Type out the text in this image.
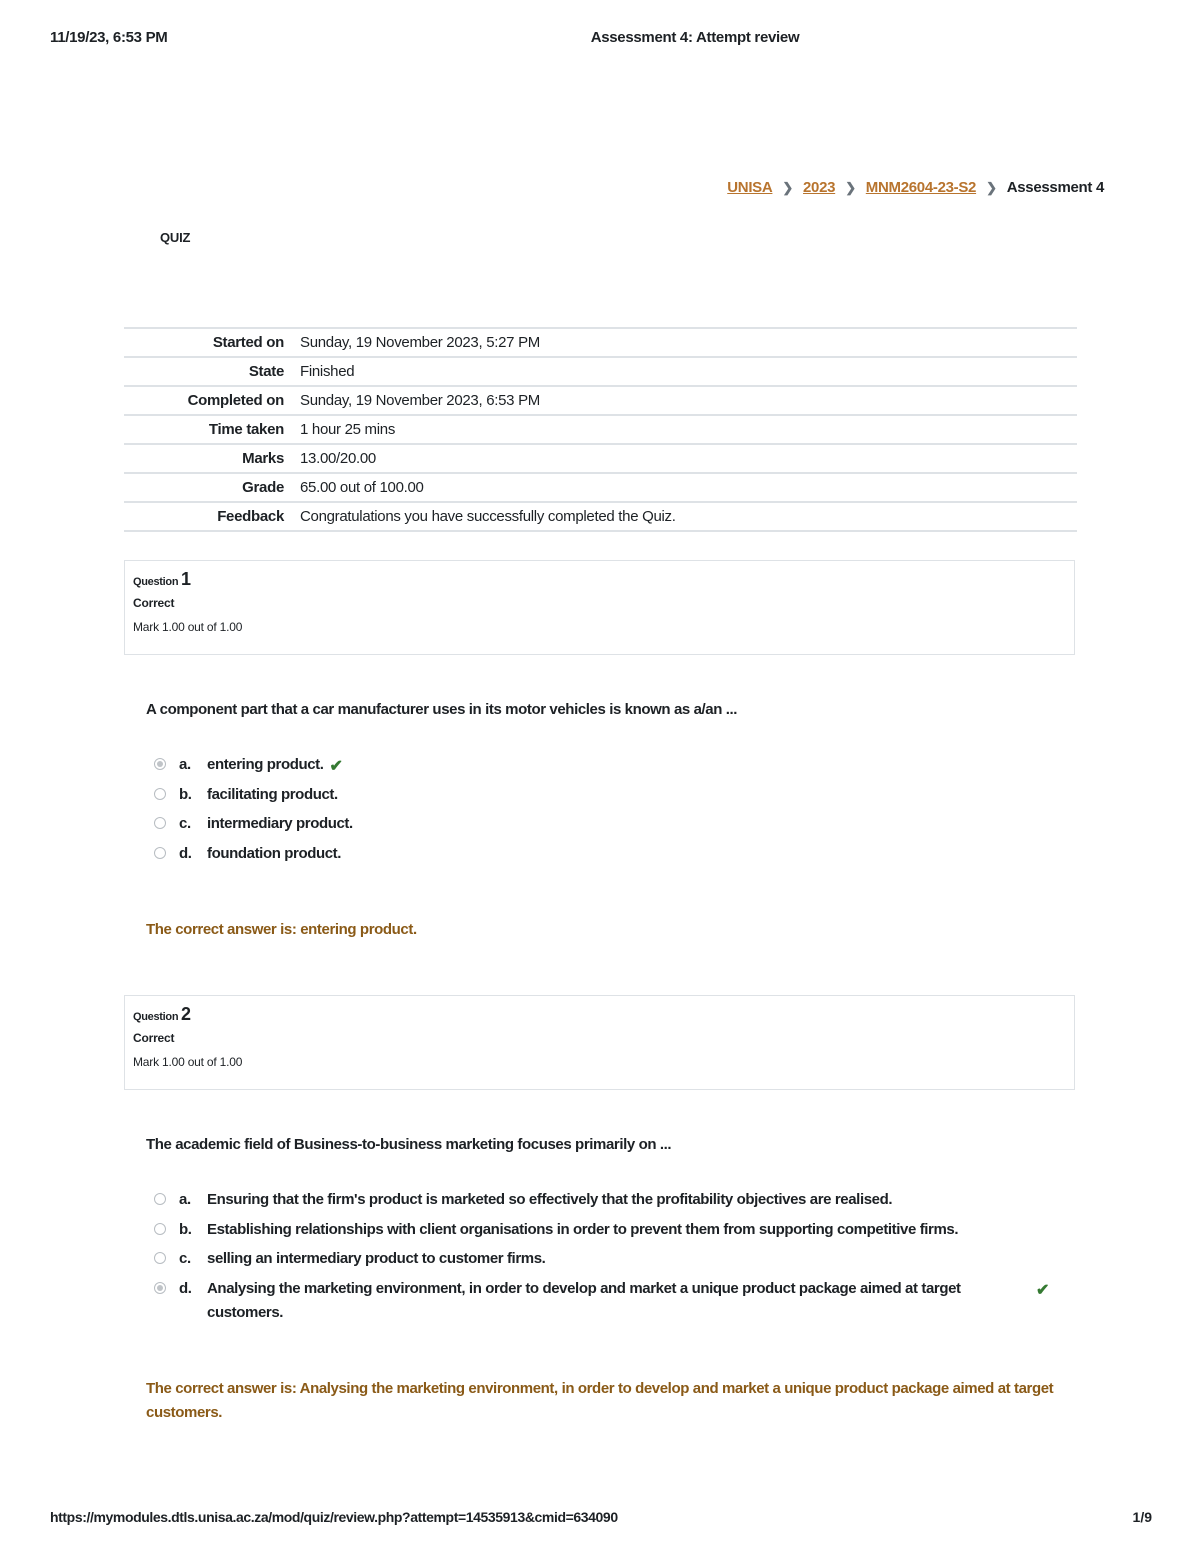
11/19/23, 6:53 PM	Assessment 4: Attempt review
UNISA ❯ 2023 ❯ MNM2604-23-S2 ❯ Assessment 4
QUIZ
Started on	Sunday, 19 November 2023, 5:27 PM
State	Finished
Completed on	Sunday, 19 November 2023, 6:53 PM
Time taken	1 hour 25 mins
Marks	13.00/20.00
Grade	65.00 out of 100.00
Feedback	Congratulations you have successfully completed the Quiz.
Question 1
Correct
Mark 1.00 out of 1.00
A component part that a car manufacturer uses in its motor vehicles is known as a/an ...
a.	entering product. ✔
b.	facilitating product.
c.	intermediary product.
d.	foundation product.
The correct answer is: entering product.
Question 2
Correct
Mark 1.00 out of 1.00
The academic field of Business-to-business marketing focuses primarily on ...
a.	Ensuring that the firm's product is marketed so effectively that the profitability objectives are realised.
b.	Establishing relationships with client organisations in order to prevent them from supporting competitive firms.
c.	selling an intermediary product to customer firms.
d.	Analysing the marketing environment, in order to develop and market a unique product package aimed at target customers.
✔
The correct answer is: Analysing the marketing environment, in order to develop and market a unique product package aimed at target customers.
https://mymodules.dtls.unisa.ac.za/mod/quiz/review.php?attempt=14535913&cmid=634090	1/9
